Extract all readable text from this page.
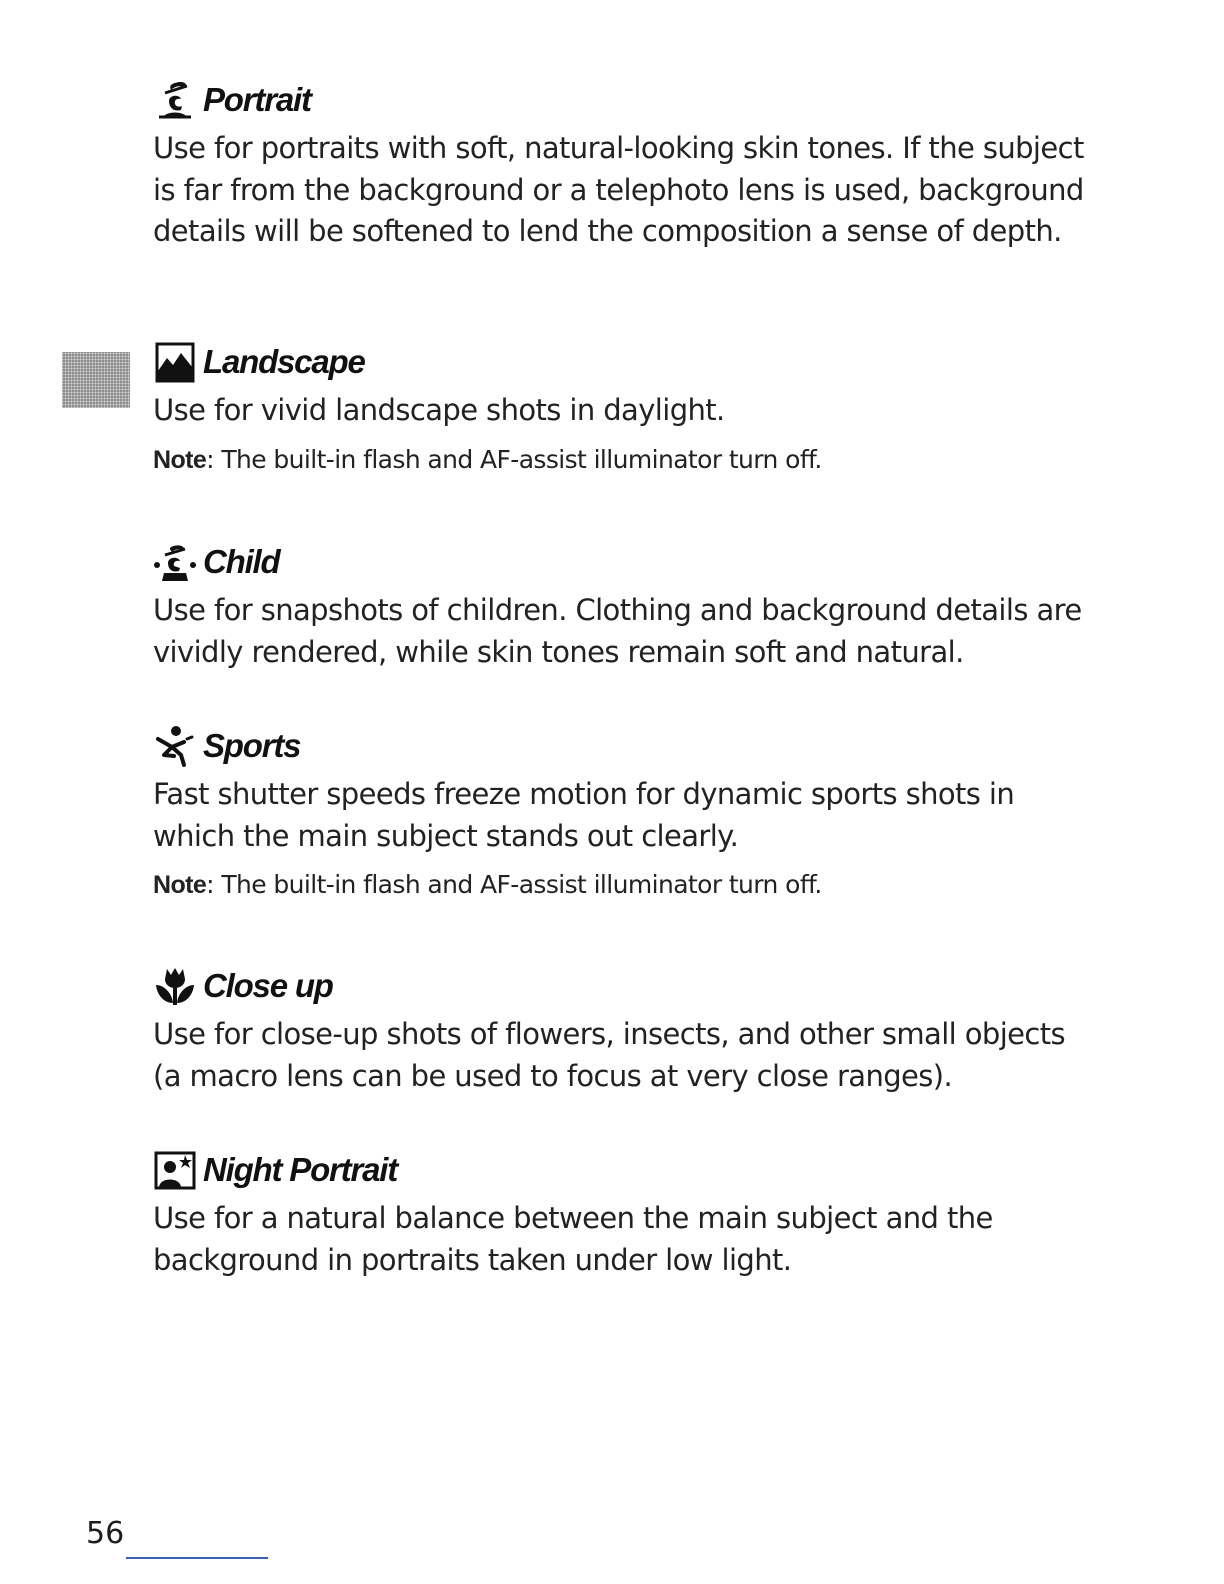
Portrait

Use for portraits with soft, natural-looking skin tones. If the subject is far from the background or a telephoto lens is used, background details will be softened to lend the composition a sense of depth.

Landscape

Use for vivid landscape shots in daylight.

Note: The built-in flash and AF-assist illuminator turn off.

Child

Use for snapshots of children. Clothing and background details are vividly rendered, while skin tones remain soft and natural.

Sports

Fast shutter speeds freeze motion for dynamic sports shots in which the main subject stands out clearly.

Note: The built-in flash and AF-assist illuminator turn off.

Close up

Use for close-up shots of flowers, insects, and other small objects (a macro lens can be used to focus at very close ranges).

Night Portrait

Use for a natural balance between the main subject and the background in portraits taken under low light.

56
